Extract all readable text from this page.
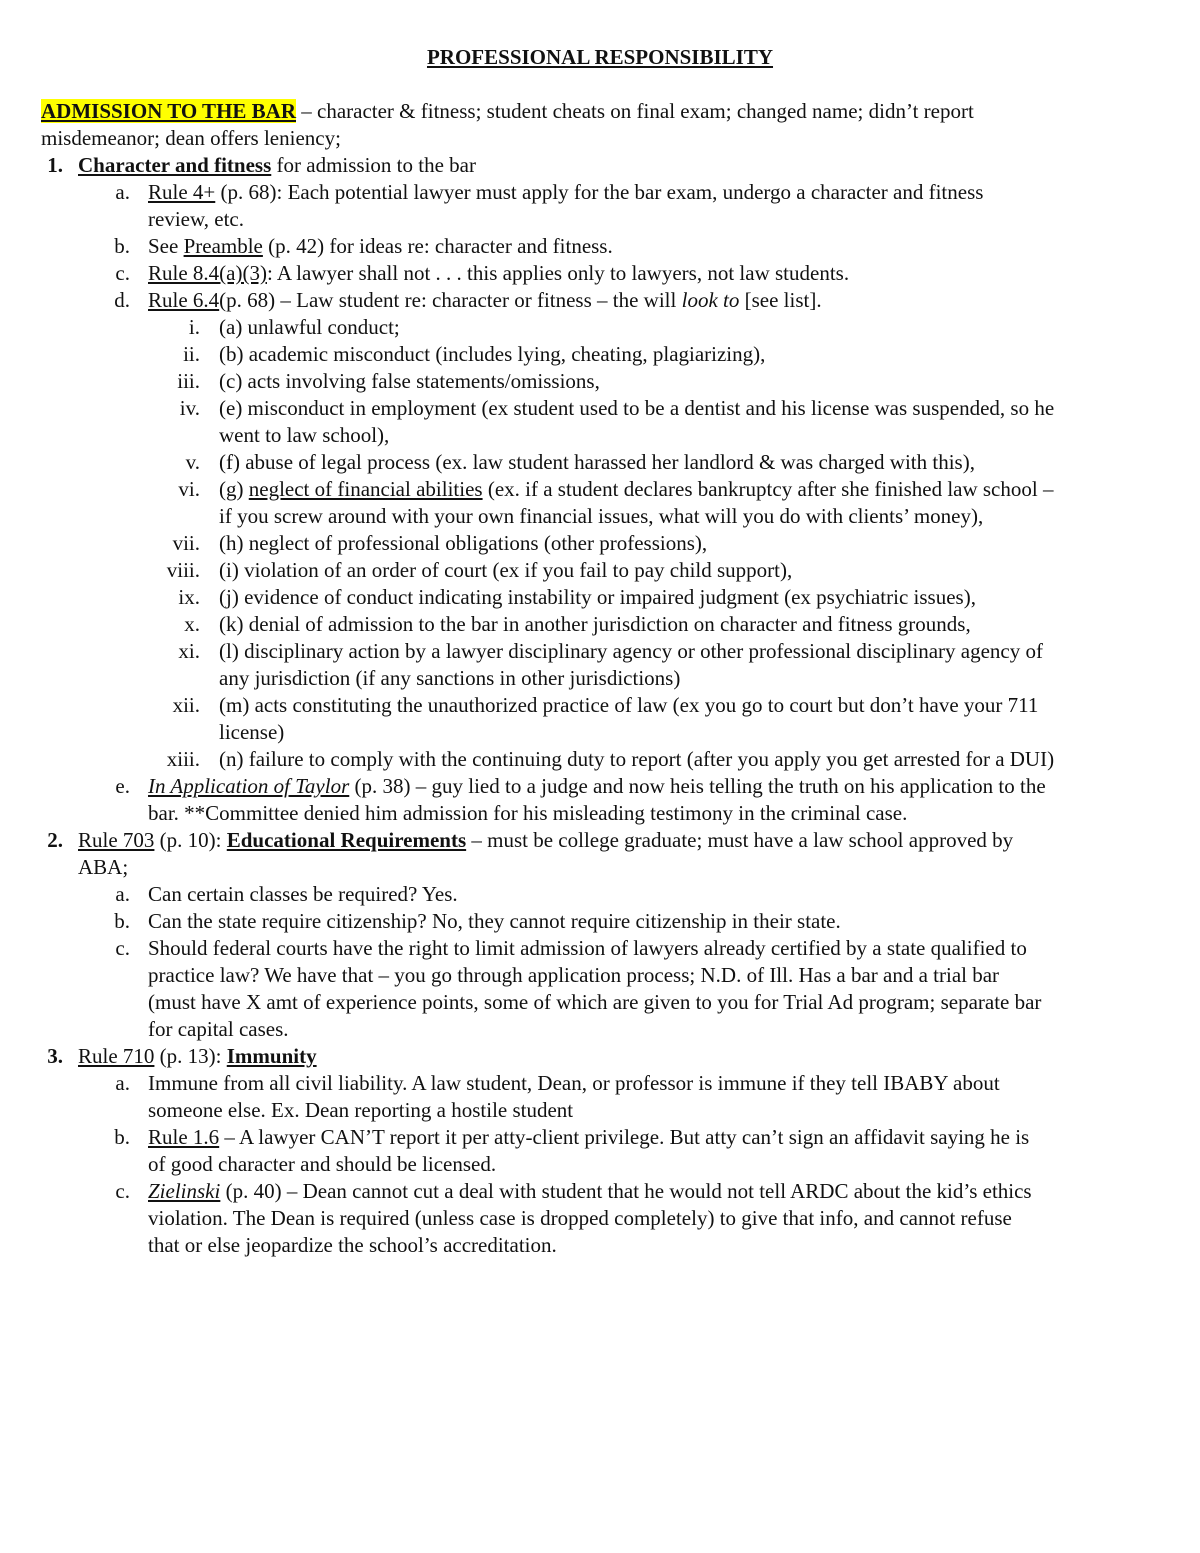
PROFESSIONAL RESPONSIBILITY
ADMISSION TO THE BAR – character & fitness; student cheats on final exam; changed name; didn’t report
misdemeanor; dean offers leniency;
1. Character and fitness for admission to the bar
a. Rule 4+ (p. 68): Each potential lawyer must apply for the bar exam, undergo a character and fitness
review, etc.
b. See Preamble (p. 42) for ideas re: character and fitness.
c. Rule 8.4(a)(3): A lawyer shall not . . . this applies only to lawyers, not law students.
d. Rule 6.4(p. 68) – Law student re: character or fitness – the will look to [see list].
i. (a) unlawful conduct;
ii. (b) academic misconduct (includes lying, cheating, plagiarizing),
iii. (c) acts involving false statements/omissions,
iv. (e) misconduct in employment (ex student used to be a dentist and his license was suspended, so he
went to law school),
v. (f) abuse of legal process (ex. law student harassed her landlord & was charged with this),
vi. (g) neglect of financial abilities (ex. if a student declares bankruptcy after she finished law school –
if you screw around with your own financial issues, what will you do with clients’ money),
vii. (h) neglect of professional obligations (other professions),
viii. (i) violation of an order of court (ex if you fail to pay child support),
ix. (j) evidence of conduct indicating instability or impaired judgment (ex psychiatric issues),
x. (k) denial of admission to the bar in another jurisdiction on character and fitness grounds,
xi. (l) disciplinary action by a lawyer disciplinary agency or other professional disciplinary agency of
any jurisdiction (if any sanctions in other jurisdictions)
xii. (m) acts constituting the unauthorized practice of law (ex you go to court but don’t have your 711
license)
xiii. (n) failure to comply with the continuing duty to report (after you apply you get arrested for a DUI)
e. In Application of Taylor (p. 38) – guy lied to a judge and now heis telling the truth on his application to the
bar. **Committee denied him admission for his misleading testimony in the criminal case.
2. Rule 703 (p. 10): Educational Requirements – must be college graduate; must have a law school approved by
ABA;
a. Can certain classes be required? Yes.
b. Can the state require citizenship? No, they cannot require citizenship in their state.
c. Should federal courts have the right to limit admission of lawyers already certified by a state qualified to
practice law? We have that – you go through application process; N.D. of Ill. Has a bar and a trial bar
(must have X amt of experience points, some of which are given to you for Trial Ad program; separate bar
for capital cases.
3. Rule 710 (p. 13): Immunity
a. Immune from all civil liability. A law student, Dean, or professor is immune if they tell IBABY about
someone else. Ex. Dean reporting a hostile student
b. Rule 1.6 – A lawyer CAN’T report it per atty-client privilege. But atty can’t sign an affidavit saying he is
of good character and should be licensed.
c. Zielinski (p. 40) – Dean cannot cut a deal with student that he would not tell ARDC about the kid’s ethics
violation. The Dean is required (unless case is dropped completely) to give that info, and cannot refuse
that or else jeopardize the school’s accreditation.
